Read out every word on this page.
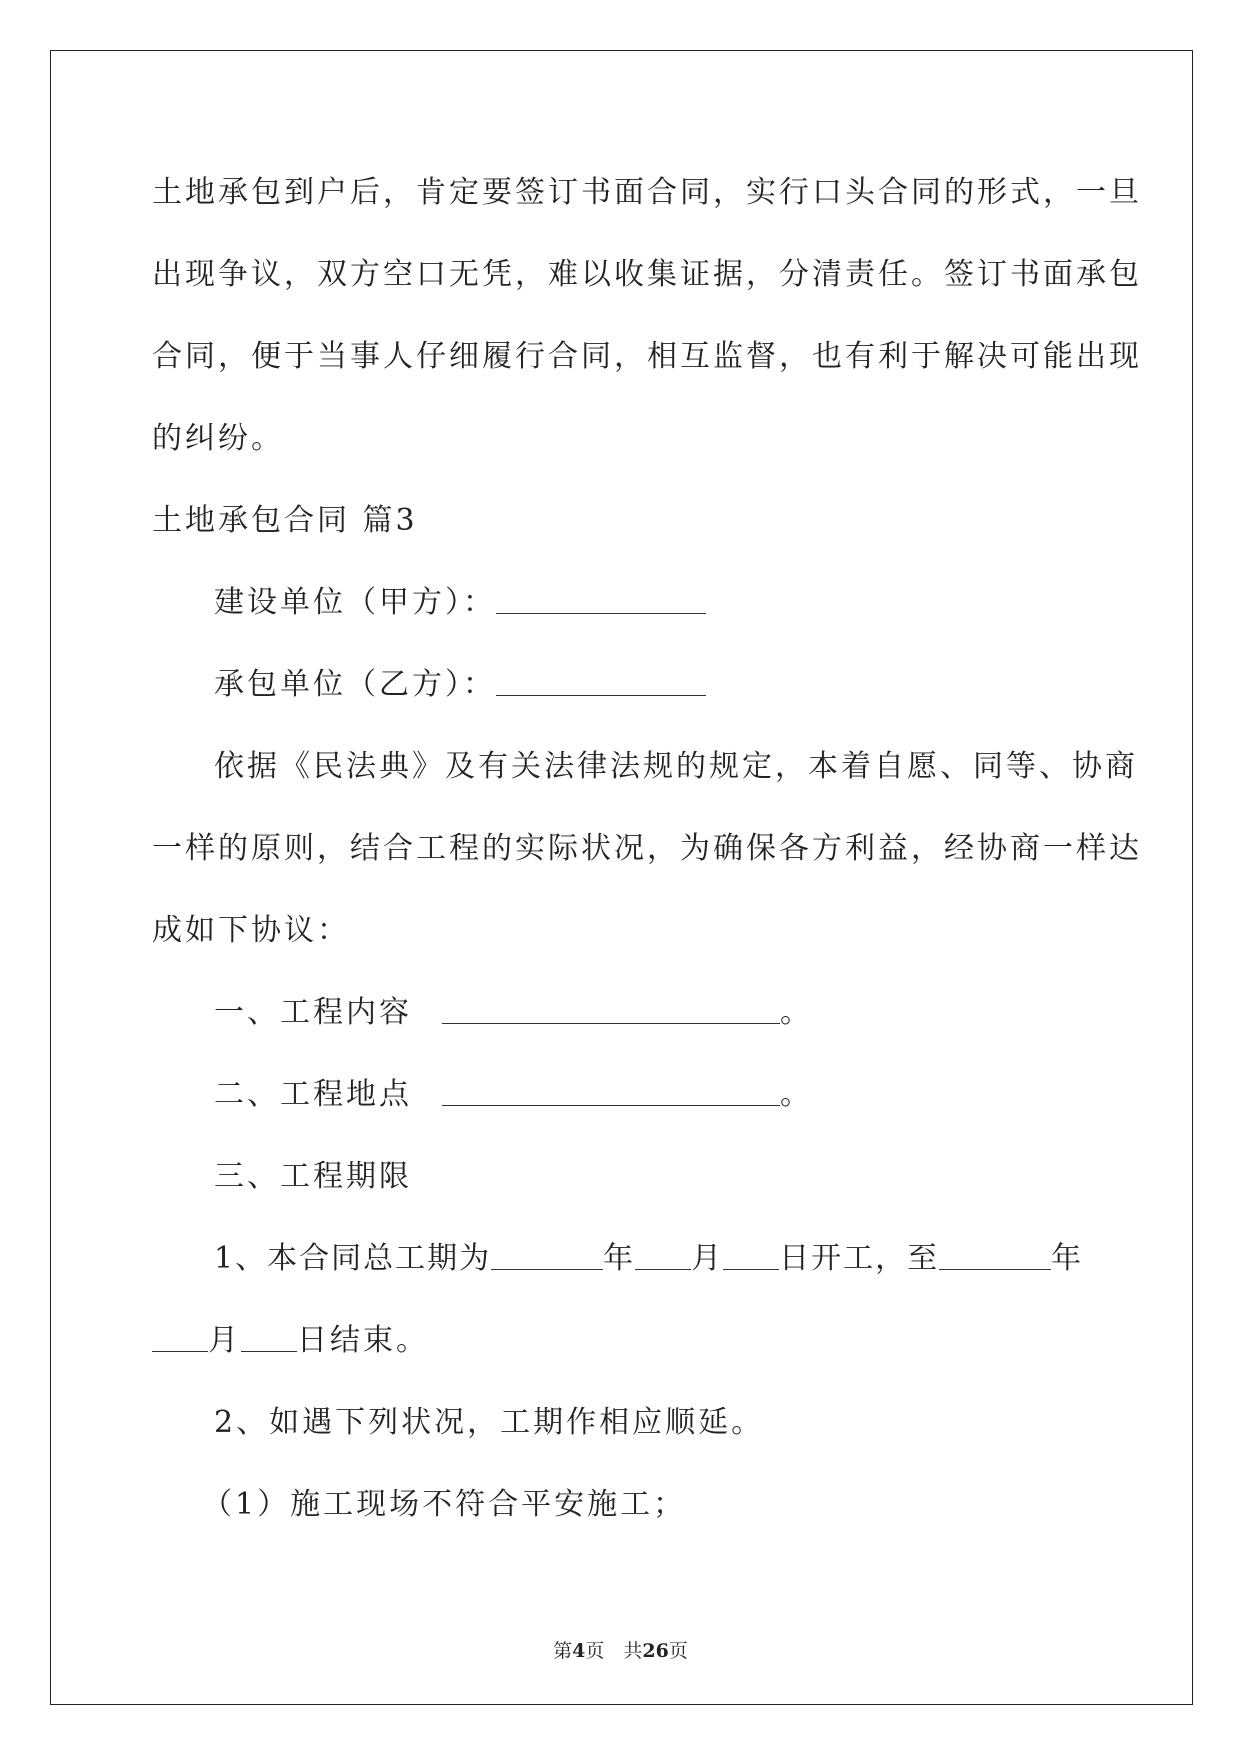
土地承包到户后，肯定要签订书面合同，实行口头合同的形式，一旦
出现争议，双方空口无凭，难以收集证据，分清责任。签订书面承包
合同，便于当事人仔细履行合同，相互监督，也有利于解决可能出现
的纠纷。
土地承包合同 篇3
建设单位（甲方）：
承包单位（乙方）：
依据《民法典》及有关法律法规的规定，本着自愿、同等、协商
一样的原则，结合工程的实际状况，为确保各方利益，经协商一样达
成如下协议：
一、工程内容	。
二、工程地点	。
三、工程期限
1、本合同总工期为	年 月 日开工，至	年
月 日结束。
2、如遇下列状况，工期作相应顺延。
（1）施工现场不符合平安施工；
第4页　共26页
